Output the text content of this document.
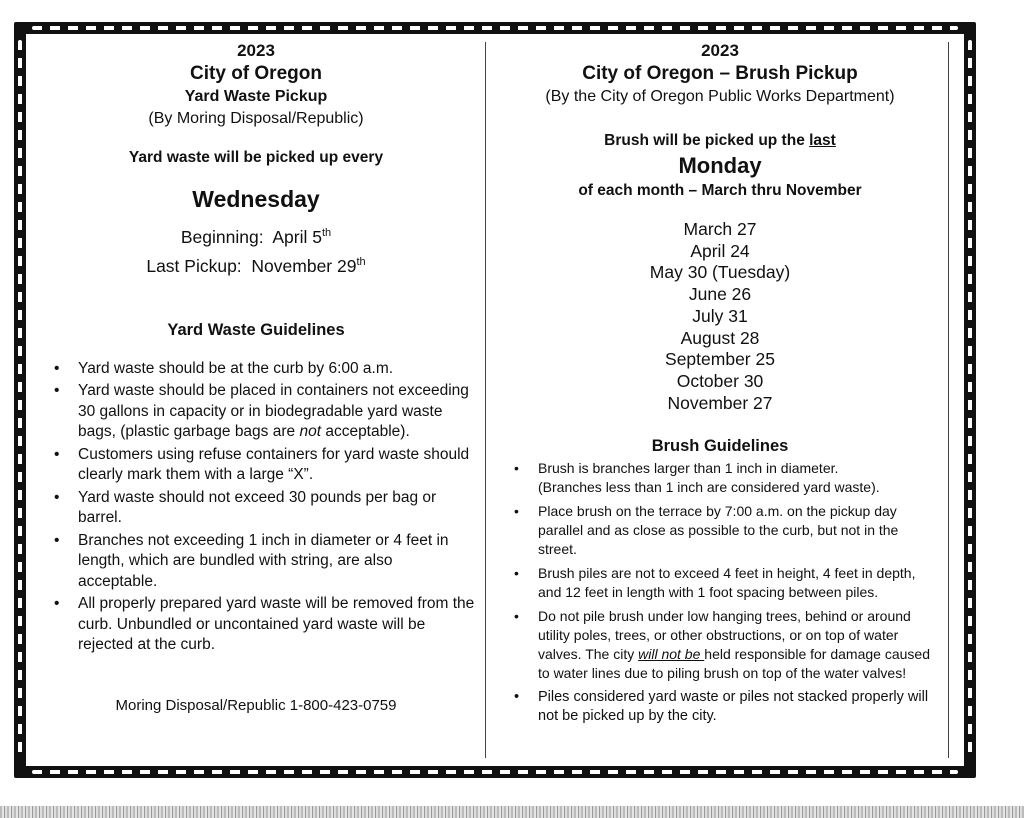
2023
City of Oregon
Yard Waste Pickup
(By Moring Disposal/Republic)
Yard waste will be picked up every
Wednesday
Beginning: April 5th
Last Pickup: November 29th
Yard Waste Guidelines
• Yard waste should be at the curb by 6:00 a.m.
• Yard waste should be placed in containers not exceeding 30 gallons in capacity or in biodegradable yard waste bags, (plastic garbage bags are not acceptable).
• Customers using refuse containers for yard waste should clearly mark them with a large “X”.
• Yard waste should not exceed 30 pounds per bag or barrel.
• Branches not exceeding 1 inch in diameter or 4 feet in length, which are bundled with string, are also acceptable.
• All properly prepared yard waste will be removed from the curb. Unbundled or uncontained yard waste will be rejected at the curb.
Moring Disposal/Republic 1-800-423-0759
2023
City of Oregon – Brush Pickup
(By the City of Oregon Public Works Department)
Brush will be picked up the last
Monday
of each month – March thru November
March 27
April 24
May 30 (Tuesday)
June 26
July 31
August 28
September 25
October 30
November 27
Brush Guidelines
• Brush is branches larger than 1 inch in diameter.
(Branches less than 1 inch are considered yard waste).
• Place brush on the terrace by 7:00 a.m. on the pickup day parallel and as close as possible to the curb, but not in the street.
• Brush piles are not to exceed 4 feet in height, 4 feet in depth, and 12 feet in length with 1 foot spacing between piles.
• Do not pile brush under low hanging trees, behind or around utility poles, trees, or other obstructions, or on top of water valves. The city will not be held responsible for damage caused to water lines due to piling brush on top of the water valves!
• Piles considered yard waste or piles not stacked properly will not be picked up by the city.
